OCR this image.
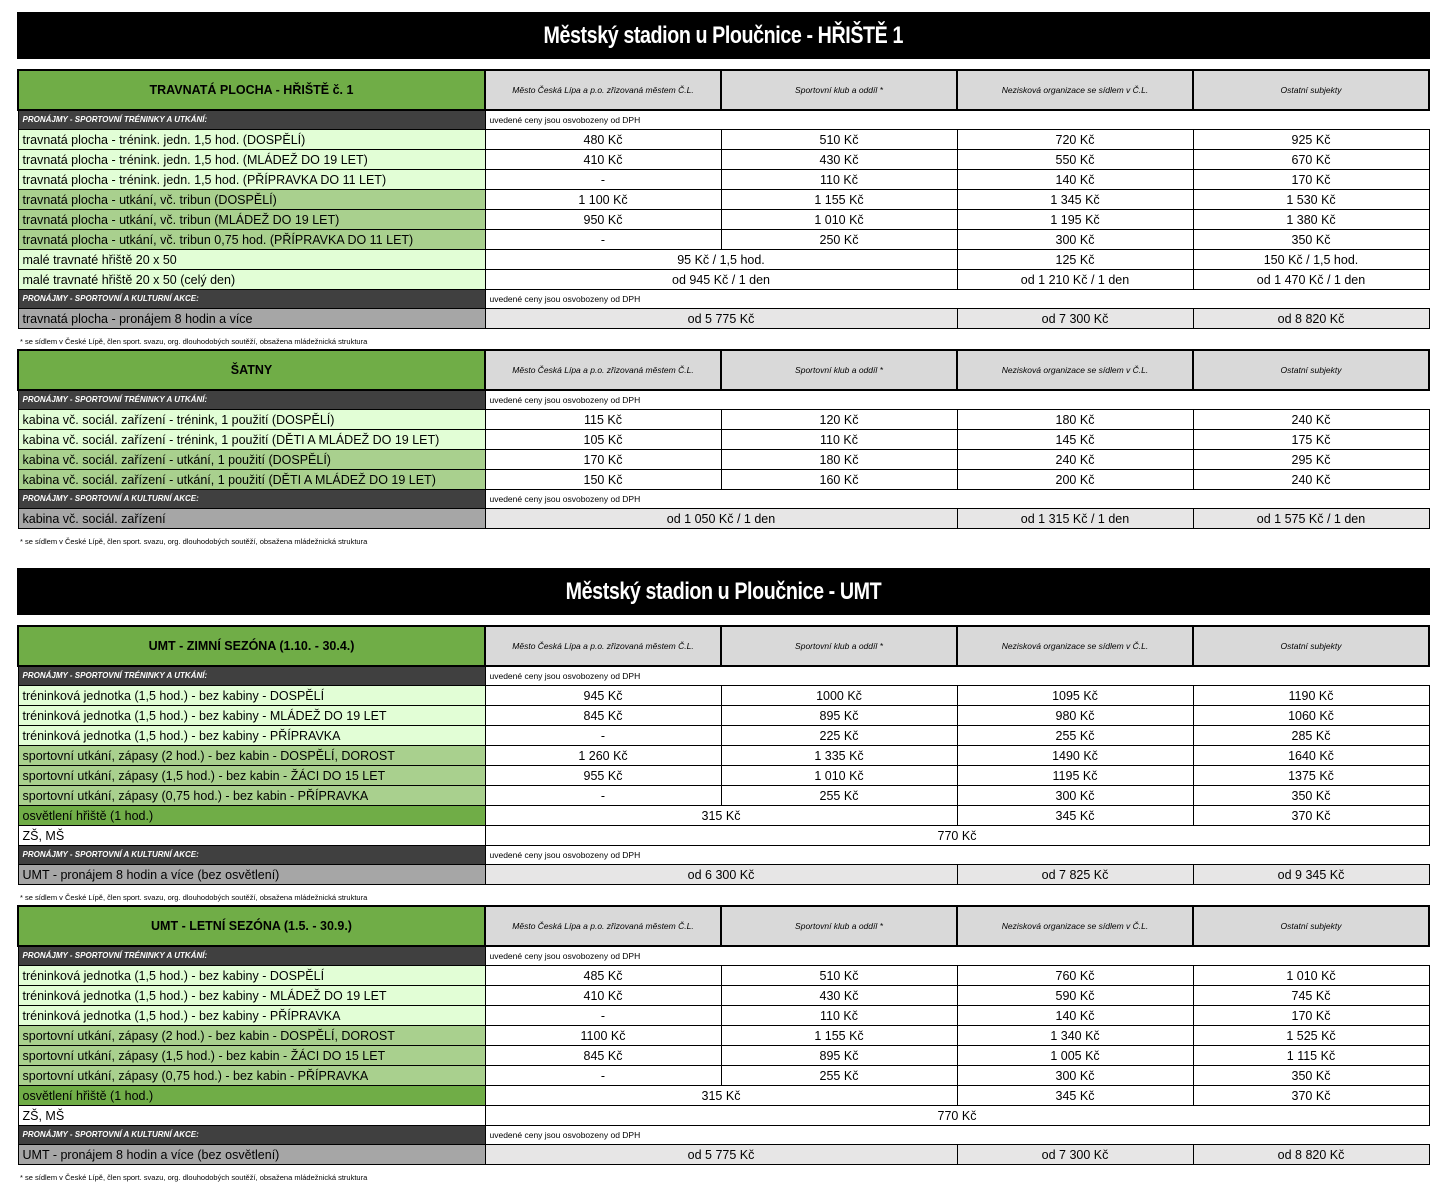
Městský stadion u Ploučnice - HŘIŠTĚ 1
TRAVNATÁ PLOCHA - HŘIŠTĚ č. 1	Město Česká Lípa a p.o. zřizovaná městem Č.L.	Sportovní klub a oddíl *	Nezisková organizace se sídlem v Č.L.	Ostatní subjekty
PRONÁJMY - SPORTOVNÍ TRÉNINKY A UTKÁNÍ:	uvedené ceny jsou osvobozeny od DPH			
travnatá plocha - trénink. jedn. 1,5 hod. (DOSPĚLÍ)	480 Kč	510 Kč	720 Kč	925 Kč
travnatá plocha - trénink. jedn. 1,5 hod. (MLÁDEŽ DO 19 LET)	410 Kč	430 Kč	550 Kč	670 Kč
travnatá plocha - trénink. jedn. 1,5 hod. (PŘÍPRAVKA DO 11 LET)	-	110 Kč	140 Kč	170 Kč
travnatá plocha - utkání, vč. tribun (DOSPĚLÍ)	1 100 Kč	1 155 Kč	1 345 Kč	1 530 Kč
travnatá plocha - utkání, vč. tribun (MLÁDEŽ DO 19 LET)	950 Kč	1 010 Kč	1 195 Kč	1 380 Kč
travnatá plocha - utkání, vč. tribun 0,75 hod. (PŘÍPRAVKA DO 11 LET)	-	250 Kč	300 Kč	350 Kč
malé travnaté hřiště 20 x 50	95 Kč / 1,5 hod.		125 Kč	150 Kč / 1,5 hod.
malé travnaté hřiště 20 x 50 (celý den)	od 945 Kč / 1 den		od 1 210 Kč / 1 den	od 1 470 Kč / 1 den
PRONÁJMY - SPORTOVNÍ A KULTURNÍ AKCE:	uvedené ceny jsou osvobozeny od DPH			
travnatá plocha - pronájem 8 hodin a více	od 5 775 Kč		od 7 300 Kč	od 8 820 Kč
* se sídlem v České Lípě, člen sport. svazu, org. dlouhodobých soutěží, obsažena mládežnická struktura
ŠATNY	Město Česká Lípa a p.o. zřizovaná městem Č.L.	Sportovní klub a oddíl *	Nezisková organizace se sídlem v Č.L.	Ostatní subjekty
PRONÁJMY - SPORTOVNÍ TRÉNINKY A UTKÁNÍ:	uvedené ceny jsou osvobozeny od DPH			
kabina vč. sociál. zařízení - trénink, 1 použití (DOSPĚLÍ)	115 Kč	120 Kč	180 Kč	240 Kč
kabina vč. sociál. zařízení - trénink, 1 použití (DĚTI A MLÁDEŽ DO 19 LET)	105 Kč	110 Kč	145 Kč	175 Kč
kabina vč. sociál. zařízení - utkání, 1 použití (DOSPĚLÍ)	170 Kč	180 Kč	240 Kč	295 Kč
kabina vč. sociál. zařízení - utkání, 1 použití (DĚTI A MLÁDEŽ DO 19 LET)	150 Kč	160 Kč	200 Kč	240 Kč
PRONÁJMY - SPORTOVNÍ A KULTURNÍ AKCE:	uvedené ceny jsou osvobozeny od DPH			
kabina vč. sociál. zařízení	od 1 050 Kč / 1 den		od 1 315 Kč / 1 den	od 1 575 Kč / 1 den
* se sídlem v České Lípě, člen sport. svazu, org. dlouhodobých soutěží, obsažena mládežnická struktura
Městský stadion u Ploučnice - UMT
UMT - ZIMNÍ SEZÓNA (1.10. - 30.4.)	Město Česká Lípa a p.o. zřizovaná městem Č.L.	Sportovní klub a oddíl *	Nezisková organizace se sídlem v Č.L.	Ostatní subjekty
PRONÁJMY - SPORTOVNÍ TRÉNINKY A UTKÁNÍ:	uvedené ceny jsou osvobozeny od DPH			
tréninková jednotka (1,5 hod.) - bez kabiny - DOSPĚLÍ	945 Kč	1000 Kč	1095 Kč	1190 Kč
tréninková jednotka (1,5 hod.) - bez kabiny - MLÁDEŽ DO 19 LET	845 Kč	895 Kč	980 Kč	1060 Kč
tréninková jednotka (1,5 hod.) - bez kabiny - PŘÍPRAVKA	-	225 Kč	255 Kč	285 Kč
sportovní utkání, zápasy (2 hod.) - bez kabin - DOSPĚLÍ, DOROST	1 260 Kč	1 335 Kč	1490 Kč	1640 Kč
sportovní utkání, zápasy (1,5 hod.) - bez kabin - ŽÁCI DO 15 LET	955 Kč	1 010 Kč	1195 Kč	1375 Kč
sportovní utkání, zápasy (0,75 hod.) - bez kabin - PŘÍPRAVKA	-	255 Kč	300 Kč	350 Kč
osvětlení hřiště (1 hod.)	315 Kč		345 Kč	370 Kč
ZŠ, MŠ	770 Kč			
PRONÁJMY - SPORTOVNÍ A KULTURNÍ AKCE:	uvedené ceny jsou osvobozeny od DPH			
UMT - pronájem 8 hodin a více (bez osvětlení)	od 6 300 Kč		od 7 825 Kč	od 9 345 Kč
* se sídlem v České Lípě, člen sport. svazu, org. dlouhodobých soutěží, obsažena mládežnická struktura
UMT - LETNÍ SEZÓNA (1.5. - 30.9.)	Město Česká Lípa a p.o. zřizovaná městem Č.L.	Sportovní klub a oddíl *	Nezisková organizace se sídlem v Č.L.	Ostatní subjekty
PRONÁJMY - SPORTOVNÍ TRÉNINKY A UTKÁNÍ:	uvedené ceny jsou osvobozeny od DPH			
tréninková jednotka (1,5 hod.) - bez kabiny - DOSPĚLÍ	485 Kč	510 Kč	760 Kč	1 010 Kč
tréninková jednotka (1,5 hod.) - bez kabiny - MLÁDEŽ DO 19 LET	410 Kč	430 Kč	590 Kč	745 Kč
tréninková jednotka (1,5 hod.) - bez kabiny - PŘÍPRAVKA	-	110 Kč	140 Kč	170 Kč
sportovní utkání, zápasy (2 hod.) - bez kabin - DOSPĚLÍ, DOROST	1100 Kč	1 155 Kč	1 340 Kč	1 525 Kč
sportovní utkání, zápasy (1,5 hod.) - bez kabin - ŽÁCI DO 15 LET	845 Kč	895 Kč	1 005 Kč	1 115 Kč
sportovní utkání, zápasy (0,75 hod.) - bez kabin - PŘÍPRAVKA	-	255 Kč	300 Kč	350 Kč
osvětlení hřiště (1 hod.)	315 Kč		345 Kč	370 Kč
ZŠ, MŠ	770 Kč			
PRONÁJMY - SPORTOVNÍ A KULTURNÍ AKCE:	uvedené ceny jsou osvobozeny od DPH			
UMT - pronájem 8 hodin a více (bez osvětlení)	od 5 775 Kč		od 7 300 Kč	od 8 820 Kč
* se sídlem v České Lípě, člen sport. svazu, org. dlouhodobých soutěží, obsažena mládežnická struktura
